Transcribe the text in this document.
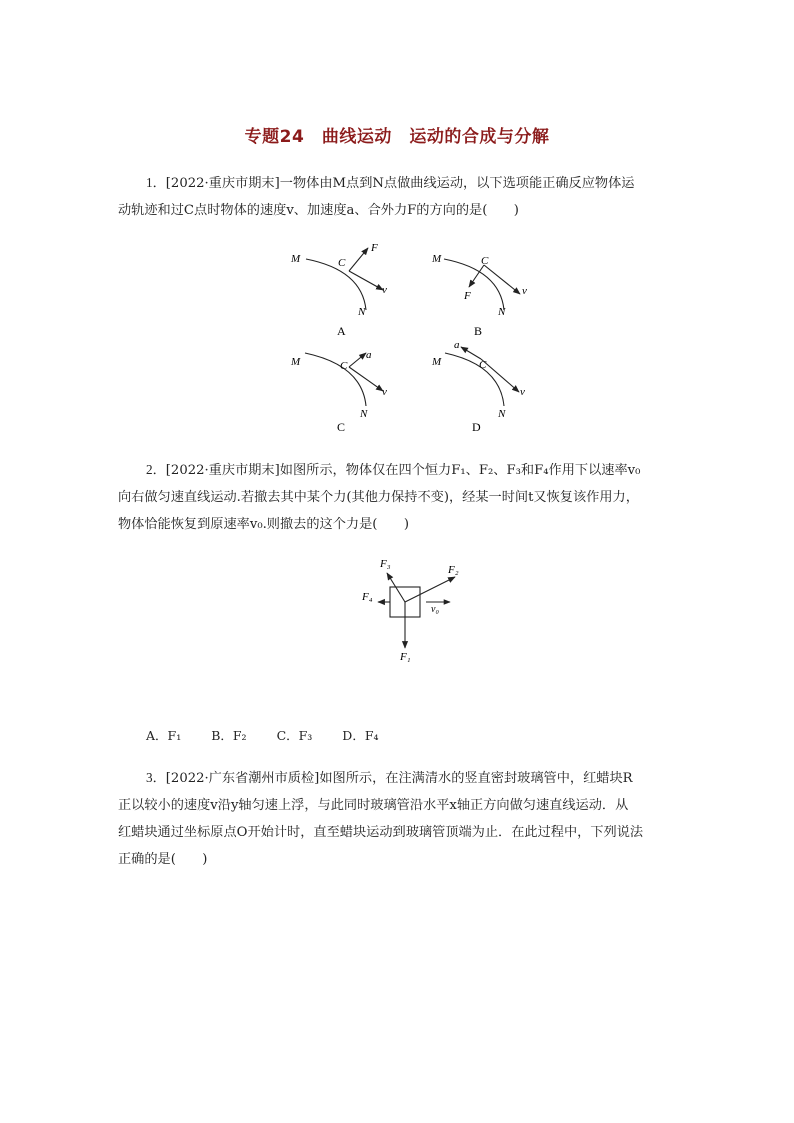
专题24　曲线运动　运动的合成与分解

1．[2022·重庆市期末]一物体由M点到N点做曲线运动，以下选项能正确反应物体运

动轨迹和过C点时物体的速度v、加速度a、合外力F的方向的是(　　)

M	C
N
v
F
A
M	C
N
v
F
B
M	C
N
v
a
C
M	C
N
v
a
D

2．[2022·重庆市期末]如图所示，物体仅在四个恒力F₁、F₂、F₃和F₄作用下以速率v₀

向右做匀速直线运动.若撤去其中某个力(其他力保持不变)，经某一时间t又恢复该作用力，

物体恰能恢复到原速率v₀.则撤去的这个力是(　　)

F₃	F₂
F₄
v₀
F₁
A．F₁ B．F₂ C．F₃ D．F₄

3．[2022·广东省潮州市质检]如图所示，在注满清水的竖直密封玻璃管中，红蜡块R

正以较小的速度v沿y轴匀速上浮，与此同时玻璃管沿水平x轴正方向做匀速直线运动．从

红蜡块通过坐标原点O开始计时，直至蜡块运动到玻璃管顶端为止．在此过程中，下列说法

正确的是(　　)
